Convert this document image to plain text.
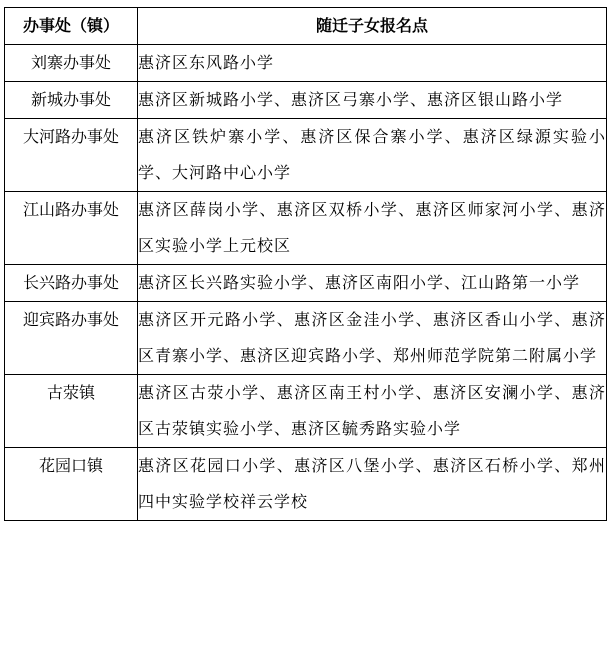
办事处（镇）	随迁子女报名点
刘寨办事处	惠济区东风路小学
新城办事处	惠济区新城路小学、惠济区弓寨小学、惠济区银山路小学
大河路办事处	惠济区铁炉寨小学、惠济区保合寨小学、惠济区绿源实验小学、大河路中心小学
江山路办事处	惠济区薛岗小学、惠济区双桥小学、惠济区师家河小学、惠济区实验小学上元校区
长兴路办事处	惠济区长兴路实验小学、惠济区南阳小学、江山路第一小学
迎宾路办事处	惠济区开元路小学、惠济区金洼小学、惠济区香山小学、惠济区青寨小学、惠济区迎宾路小学、郑州师范学院第二附属小学
古荥镇	惠济区古荥小学、惠济区南王村小学、惠济区安澜小学、惠济区古荥镇实验小学、惠济区毓秀路实验小学
花园口镇	惠济区花园口小学、惠济区八堡小学、惠济区石桥小学、郑州四中实验学校祥云学校
